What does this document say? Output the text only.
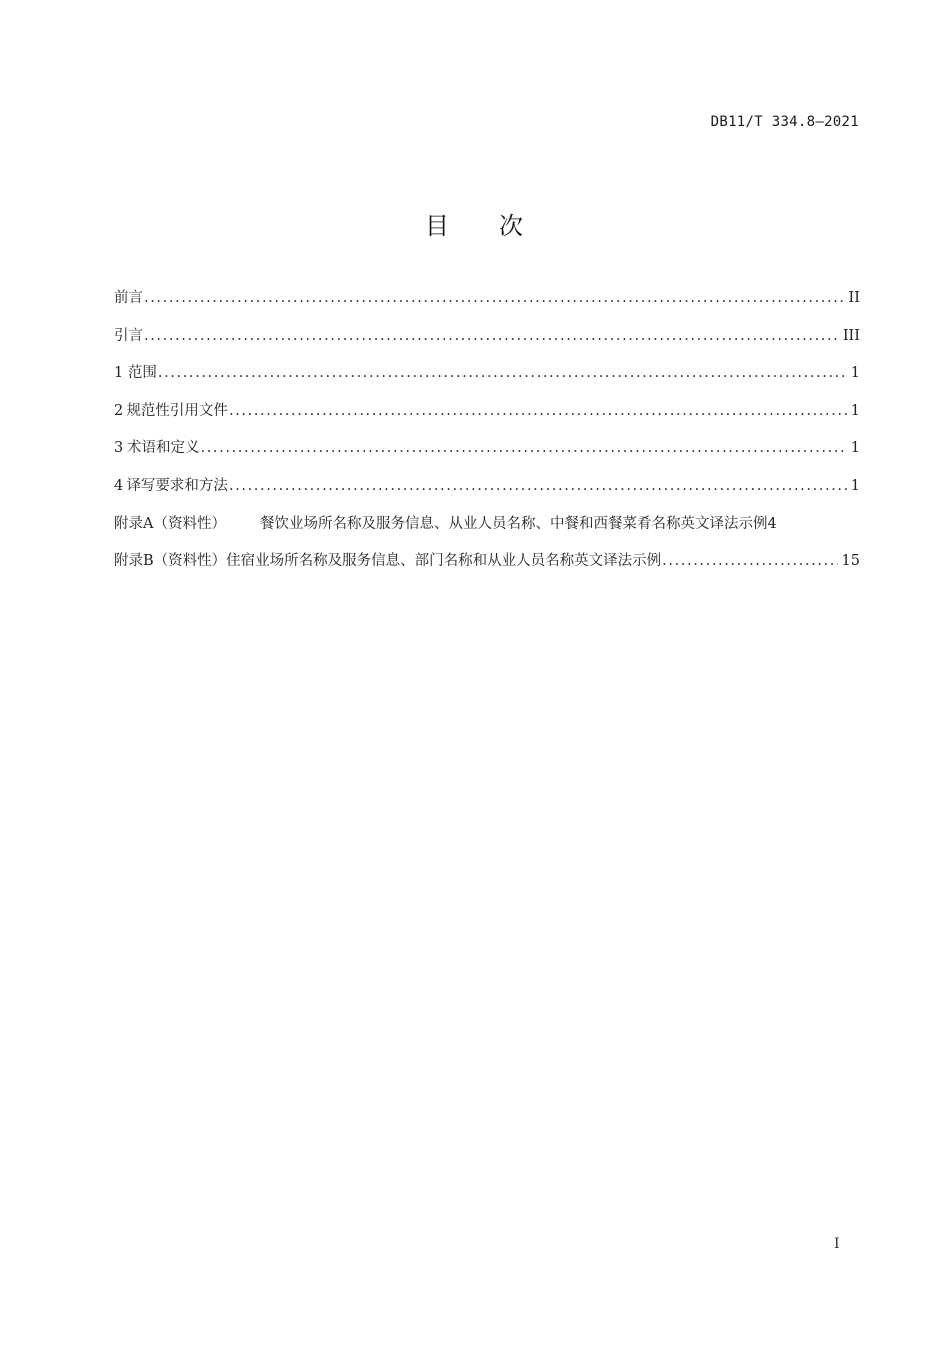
DB11/T 334.8—2021
目 次
前言 .....	II
引言 .....	III
1 范围 .....	1
2 规范性引用文件 .....	1
3 术语和定义 .....	1
4 译写要求和方法 .....	1
附录A（资料性）	餐饮业场所名称及服务信息、从业人员名称、中餐和西餐菜肴名称英文译法示例 4
附录B（资料性） 住宿业场所名称及服务信息、部门名称和从业人员名称英文译法示例 .....	15
I
